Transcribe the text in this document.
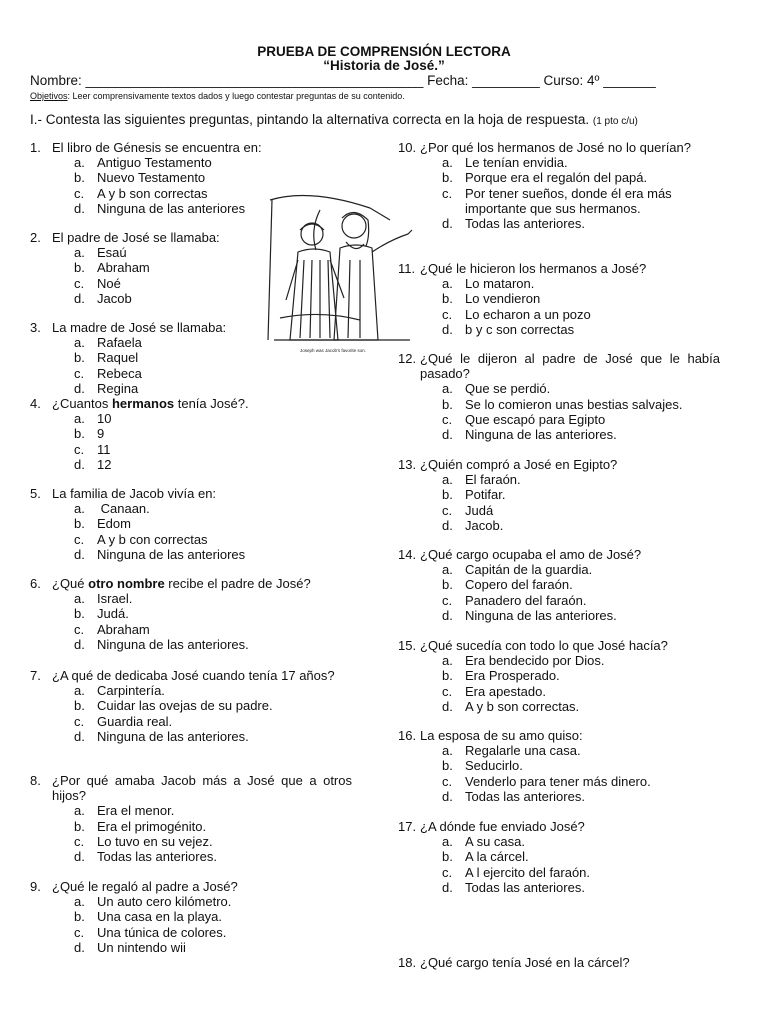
PRUEBA DE COMPRENSIÓN LECTORA
“Historia de José.”
Nombre: _____________________________________________ Fecha: _________ Curso: 4º _______
Objetivos: Leer comprensivamente textos dados y luego contestar preguntas de su contenido.
I.- Contesta las siguientes preguntas, pintando la alternativa correcta en la hoja de respuesta. (1 pto c/u)
1. El libro de Génesis se encuentra en:
a. Antiguo Testamento
b. Nuevo Testamento
c. A y b son correctas
d. Ninguna de las anteriores
2. El padre de José se llamaba:
a. Esaú
b. Abraham
c. Noé
d. Jacob
3. La madre de José se llamaba:
a. Rafaela
b. Raquel
c. Rebeca
d. Regina
4. ¿Cuantos hermanos tenía José?.
a. 10
b. 9
c. 11
d. 12
5. La familia de Jacob vivía en:
a. Canaan.
b. Edom
c. A y b con correctas
d. Ninguna de las anteriores
6. ¿Qué otro nombre recibe el padre de José?
a. Israel.
b. Judá.
c. Abraham
d. Ninguna de las anteriores.
7. ¿A qué de dedicaba José cuando tenía 17 años?
a. Carpintería.
b. Cuidar las ovejas de su padre.
c. Guardia real.
d. Ninguna de las anteriores.
8. ¿Por qué amaba Jacob más a José que a otros hijos?
a. Era el menor.
b. Era el primogénito.
c. Lo tuvo en su vejez.
d. Todas las anteriores.
9. ¿Qué le regaló al padre a José?
a. Un auto cero kilómetro.
b. Una casa en la playa.
c. Una túnica de colores.
d. Un nintendo wii
10. ¿Por qué los hermanos de José no lo querían?
a. Le tenían envidia.
b. Porque era el regalón del papá.
c. Por tener sueños, donde él era más importante que sus hermanos.
d. Todas las anteriores.
11. ¿Qué le hicieron los hermanos a José?
a. Lo mataron.
b. Lo vendieron
c. Lo echaron a un pozo
d. b y c son correctas
12. ¿Qué le dijeron al padre de José que le había pasado?
a. Que se perdió.
b. Se lo comieron unas bestias salvajes.
c. Que escapó para Egipto
d. Ninguna de las anteriores.
13. ¿Quién compró a José en Egipto?
a. El faraón.
b. Potifar.
c. Judá
d. Jacob.
14. ¿Qué cargo ocupaba el amo de José?
a. Capitán de la guardia.
b. Copero del faraón.
c. Panadero del faraón.
d. Ninguna de las anteriores.
15. ¿Qué sucedía con todo lo que José hacía?
a. Era bendecido por Dios.
b. Era Prosperado.
c. Era apestado.
d. A y b son correctas.
16. La esposa de su amo quiso:
a. Regalarle una casa.
b. Seducirlo.
c. Venderlo para tener más dinero.
d. Todas las anteriores.
17. ¿A dónde fue enviado José?
a. A su casa.
b. A la cárcel.
c. A l ejercito del faraón.
d. Todas las anteriores.
18. ¿Qué cargo tenía José en la cárcel?
Joseph was Jacob's favorite son.
